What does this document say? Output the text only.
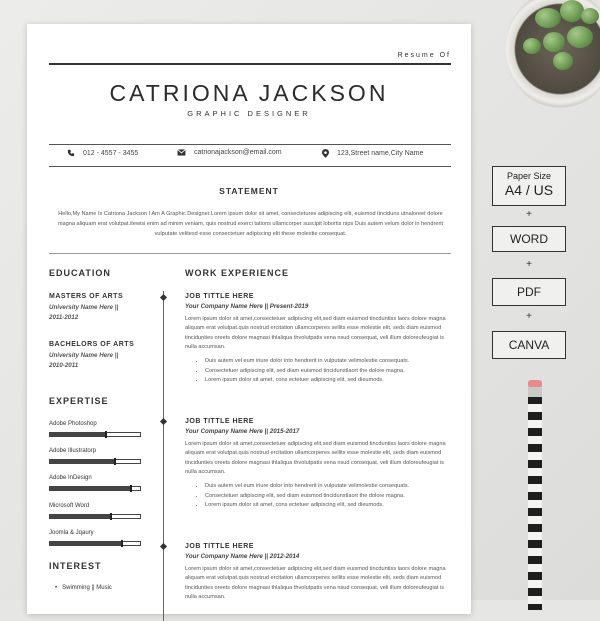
Resume Of
CATRIONA JACKSON
GRAPHIC DESIGNER
012 - 4557 - 3455	catrionajackson@email.com	123,Street name,City Name
STATEMENT
Hello,My Name Is Catriona Jackson I Am A Graphic Designer.Lorem ipsum dolor sit amet, consectetures adipiscing elit, euismod tinciduns utnaloreet dolore magna aliquam erat volutpat.itewisi enim ad minim veniam, quis nostrud exerci tations ullamcorper suscipit lobortis nips Duis autem velum dolor in hendrerit vulputate velitesd esse consectetuer adipiscing elit these molestie consequat.
EDUCATION
MASTERS OF ARTS
University Name Here ||
2011-2012
BACHELORS OF ARTS
University Name Here ||
2010-2011
EXPERTISE
Adobe Photoshop
Adobe Illustratorp
Adobe InDesign
Microsoft Word
Joomla & Jqaury
INTEREST
•   Swimming || Music
WORK EXPERIENCE
JOB TITTLE HERE
Your Company Name Here || Present-2019
Lorem ipsum dolor sit amet,consectetuer adipiscing elit,sed diam euismod tincduntiss laors dolore magna aliquam erat volutpat.quis nostrud ercitation ullamcorperes sellits esse molestie elit, seds diam euismod tincidunties oreets dolore magnasi thlaliqua thvolutpatis vena nsud consequat, veli illum doloreufeugiat is nulla accumsan.
• Duis autem vel eum iriure dolor into hendrerit in vulputate velimolestie consequats.
• Consectetuer adipiscing elit, sed diam euismod tincidunstlaort the dolore magna.
• Lorem ipsum dolor sit amet, cons ectetuer adipiscing elit, sed dieumods.
JOB TITTLE HERE
Your Company Name Here || 2015-2017
Lorem ipsum dolor sit amet,consectetuer adipiscing elit,sed diam euismod tincduntiss laors dolore magna aliquam erat volutpat.quis nostrud ercitation ullamcorperes sellits esse molestie elit, seds diam euismod tincidunties oreets dolore magnasi thlaliqua thvolutpatis vena nsud consequat, veli illum doloreufeugiat is nulla accumsan.
• Duis autem vel eum iriure dolor into hendrerit in vulputate velimolestie consequats.
• Consectetuer adipiscing elit, sed diam euismod tincidunstlaort the dolore magna.
• Lorem ipsum dolor sit amet, cons ectetuer adipiscing elit, sed dieumods.
JOB TITTLE HERE
Your Company Name Here || 2012-2014
Lorem ipsum dolor sit amet,consectetuer adipiscing elit,sed diam euismod tincduntiss laors dolore magna aliquam erat volutpat.quis nostrud ercitation ullamcorperes sellits esse molestie elit, seds diam euismod tincidunties oreets dolore magnasi thlaliqua thvolutpatis vena nsud consequat, veli illum doloreufeugiat is nulla accumsan.
Paper Size
A4 / US
+
WORD
+
PDF
+
CANVA
